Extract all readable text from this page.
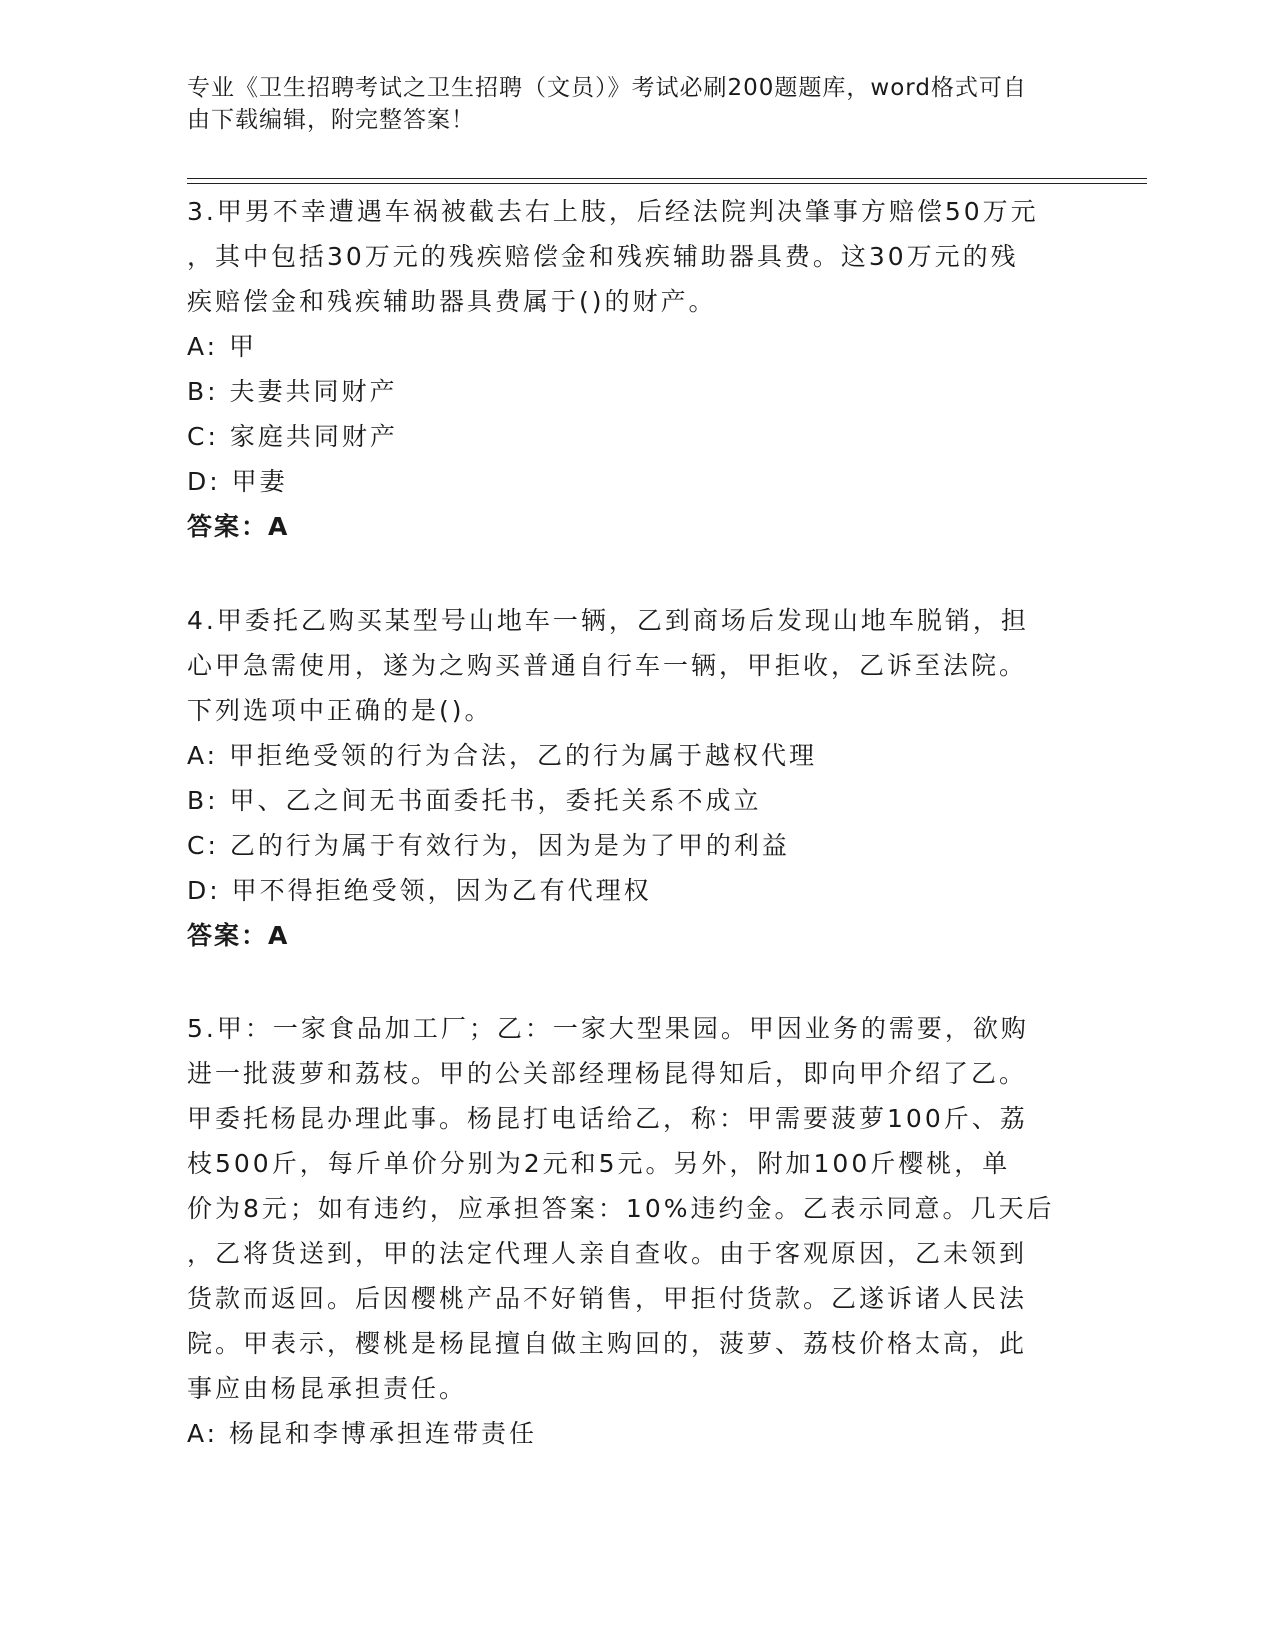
专业《卫生招聘考试之卫生招聘（文员）》考试必刷200题题库，word格式可自
由下载编辑，附完整答案！

3.甲男不幸遭遇车祸被截去右上肢，后经法院判决肇事方赔偿50万元

，其中包括30万元的残疾赔偿金和残疾辅助器具费。这30万元的残

疾赔偿金和残疾辅助器具费属于()的财产。

A: 甲

B: 夫妻共同财产

C: 家庭共同财产

D: 甲妻

答案：A

4.甲委托乙购买某型号山地车一辆，乙到商场后发现山地车脱销，担

心甲急需使用，遂为之购买普通自行车一辆，甲拒收，乙诉至法院。

下列选项中正确的是()。

A: 甲拒绝受领的行为合法，乙的行为属于越权代理

B: 甲、乙之间无书面委托书，委托关系不成立

C: 乙的行为属于有效行为，因为是为了甲的利益

D: 甲不得拒绝受领，因为乙有代理权

答案：A

5.甲：一家食品加工厂；乙：一家大型果园。甲因业务的需要，欲购

进一批菠萝和荔枝。甲的公关部经理杨昆得知后，即向甲介绍了乙。

甲委托杨昆办理此事。杨昆打电话给乙，称：甲需要菠萝100斤、荔

枝500斤，每斤单价分别为2元和5元。另外，附加100斤樱桃，单

价为8元；如有违约，应承担答案：10%违约金。乙表示同意。几天后

，乙将货送到，甲的法定代理人亲自查收。由于客观原因，乙未领到

货款而返回。后因樱桃产品不好销售，甲拒付货款。乙遂诉诸人民法

院。甲表示，樱桃是杨昆擅自做主购回的，菠萝、荔枝价格太高，此

事应由杨昆承担责任。

A: 杨昆和李博承担连带责任
